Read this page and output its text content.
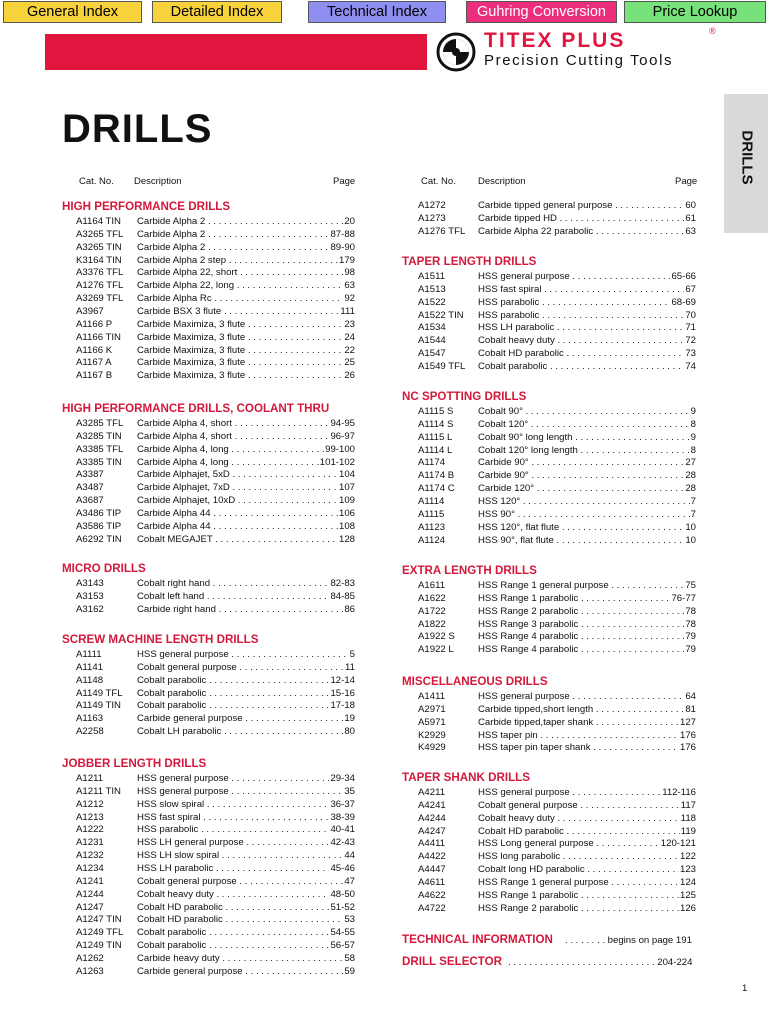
General Index	Detailed Index	Technical Index	Guhring Conversion	Price Lookup
TITEX PLUS	®
Precision Cutting Tools
DRILLS
DRILLS
Cat. No. Description	Page	Cat. No. Description	Page
HIGH PERFORMANCE DRILLS
A1164 TIN Carbide Alpha 2 . . .	20
A3265 TFL Carbide Alpha 2 . . .	87-88
A3265 TIN Carbide Alpha 2 . . .	89-90
K3164 TIN Carbide Alpha 2 step . . .	179
A3376 TFL Carbide Alpha 22, short . . .	98
A1276 TFL Carbide Alpha 22, long . . .	63
A3269 TFL Carbide Alpha Rc . . .	92
A3967	Carbide BSX 3 flute . . .	111
A1166 P	Carbide Maximiza, 3 flute . . .	23
A1166 TIN Carbide Maximiza, 3 flute . . .	24
A1166 K	Carbide Maximiza, 3 flute . . .	22
A1167 A	Carbide Maximiza, 3 flute . . .	25
A1167 B	Carbide Maximiza, 3 flute . . .	26
HIGH PERFORMANCE DRILLS, COOLANT THRU
A3285 TFL Carbide Alpha 4, short . . .	94-95
A3285 TIN Carbide Alpha 4, short . . .	96-97
A3385 TFL Carbide Alpha 4, long . . .	99-100
A3385 TIN Carbide Alpha 4, long . . .	101-102
A3387	Carbide Alphajet, 5xD . . .	104
A3487	Carbide Alphajet, 7xD . . .	107
A3687	Carbide Alphajet, 10xD . . .	109
A3486 TIP Carbide Alpha 44 . . .	106
A3586 TIP Carbide Alpha 44 . . .	108
A6292 TIN Cobalt MEGAJET . . .	128
MICRO DRILLS
A3143	Cobalt right hand . . .	82-83
A3153	Cobalt left hand . . .	84-85
A3162	Carbide right hand . . .	86
SCREW MACHINE LENGTH DRILLS
A1111	HSS general purpose . . .	5
A1141	Cobalt general purpose . . .	11
A1148	Cobalt parabolic . . .	12-14
A1149 TFL Cobalt parabolic . . .	15-16
A1149 TIN Cobalt parabolic . . .	17-18
A1163	Carbide general purpose . . .	19
A2258	Cobalt LH parabolic . . .	80
JOBBER LENGTH DRILLS
A1211	HSS general purpose . . .	29-34
A1211 TIN HSS general purpose . . .	35
A1212	HSS slow spiral . . .	36-37
A1213	HSS fast spiral . . .	38-39
A1222	HSS parabolic . . .	40-41
A1231	HSS LH general purpose . . .	42-43
A1232	HSS LH slow spiral . . .	44
A1234	HSS LH parabolic . . .	45-46
A1241	Cobalt general purpose . . .	47
A1244	Cobalt heavy duty . . .	48-50
A1247	Cobalt HD parabolic . . .	51-52
A1247 TIN Cobalt HD parabolic . . .	53
A1249 TFL Cobalt parabolic . . .	54-55
A1249 TIN Cobalt parabolic . . .	56-57
A1262	Carbide heavy duty . . .	58
A1263	Carbide general purpose . . .	59
A1272	Carbide tipped general purpose . . .	60
A1273	Carbide tipped HD . . .	61
A1276 TFL Carbide Alpha 22 parabolic . . .	63
TAPER LENGTH DRILLS
A1511	HSS general purpose . . .	65-66
A1513	HSS fast spiral . . .	67
A1522	HSS parabolic . . .	68-69
A1522 TIN HSS parabolic . . .	70
A1534	HSS LH parabolic . . .	71
A1544	Cobalt heavy duty . . .	72
A1547	Cobalt HD parabolic . . .	73
A1549 TFL Cobalt parabolic . . .	74
NC SPOTTING DRILLS
A1115 S	Cobalt 90° . . .	9
A1114 S	Cobalt 120° . . .	8
A1115 L	Cobalt 90° long length . . .	9
A1114 L	Cobalt 120° long length . . .	8
A1174	Carbide 90° . . .	27
A1174 B Carbide 90° . . .	28
A1174 C Carbide 120° . . .	28
A1114	HSS 120° . . .	7
A1115	HSS 90° . . .	7
A1123	HSS 120°, flat flute . . .	10
A1124	HSS 90°, flat flute . . .	10
EXTRA LENGTH DRILLS
A1611	HSS Range 1 general purpose . . .	75
A1622	HSS Range 1 parabolic . . .	76-77
A1722	HSS Range 2 parabolic . . .	78
A1822	HSS Range 3 parabolic . . .	78
A1922 S HSS Range 4 parabolic . . .	79
A1922 L	HSS Range 4 parabolic . . .	79
MISCELLANEOUS DRILLS
A1411	HSS general purpose . . .	64
A2971	Carbide tipped,short length . . .	81
A5971	Carbide tipped,taper shank . . .	127
K2929	HSS taper pin . . .	176
K4929	HSS taper pin taper shank . . .	176
TAPER SHANK DRILLS
A4211	HSS general purpose . . .	112-116
A4241	Cobalt general purpose . . .	117
A4244	Cobalt heavy duty . . .	118
A4247	Cobalt HD parabolic . . .	119
A4411	HSS Long general purpose . . .	120-121
A4422	HSS long parabolic . . .	122
A4447	Cobalt long HD parabolic . . .	123
A4611	HSS Range 1 general purpose . . .	124
A4622	HSS Range 1 parabolic . . .	125
A4722	HSS Range 2 parabolic . . .	126
TECHNICAL INFORMATION . . . . . . . . begins on page 191
DRILL SELECTOR . . . . . . . . . . . . . . . . . . . . . . . . . . . . 204-224
1
